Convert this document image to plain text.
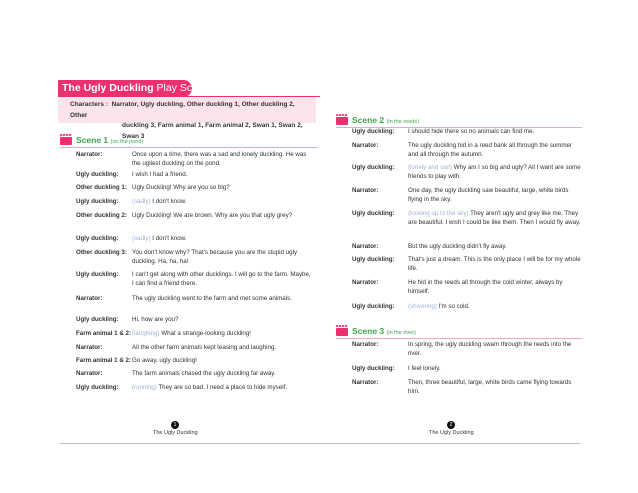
The Ugly Duckling Play Script
Characters :  Narrator, Ugly duckling, Other duckling 1, Other duckling 2, Other
duckling 3, Farm animal 1, Farm animal 2, Swan 1, Swan 2, Swan 3
Scene 1 (on the pond)
Scene 2 (in the reeds)
Scene 3 (in the river)
Narrator:	Once upon a time, there was a sad and lonely duckling. He was the ugliest duckling on the pond.
Ugly duckling: I wish I had a friend.
Other duckling 1: Ugly Duckling! Why are you so big?
Ugly duckling: (sadly) I don't know.
Other duckling 2: Ugly Duckling! We are brown. Why are you that ugly grey?
Ugly duckling: (sadly) I don't know.
Other duckling 3: You don't know why? That's because you are the stupid ugly duckling. Ha, ha, ha!
Ugly duckling: I can't get along with other ducklings. I will go to the farm. Maybe, I can find a friend there.
Narrator:	The ugly duckling went to the farm and met some animals.
Ugly duckling: Hi, how are you?
Farm animal 1 & 2: (laughing) What a strange-looking duckling!
Narrator:	All the other farm animals kept teasing and laughing.
Farm animal 1 & 2: Go away, ugly duckling!
Narrator:	The farm animals chased the ugly duckling far away.
Ugly duckling: (running) They are so bad. I need a place to hide myself.
Ugly duckling: I should hide there so no animals can find me.
Narrator:	The ugly duckling hid in a reed bank all through the summer and all through the autumn.
Ugly duckling: (lonely and sad) Why am I so big and ugly? All I want are some friends to play with.
Narrator:	One day, the ugly duckling saw beautiful, large, white birds flying in the sky.
Ugly duckling: (looking up to the sky) They aren't ugly and grey like me. They are beautiful. I wish I could be like them. Then I would fly away.
Narrator:	But the ugly duckling didn't fly away.
Ugly duckling: That's just a dream. This is the only place I will be for my whole life.
Narrator:	He hid in the reeds all through the cold winter, always by himself.
Ugly duckling: (shivering) I'm so cold.
Narrator:	In spring, the ugly duckling swam through the reeds into the river.
Ugly duckling: I feel lonely.
Narrator:	Then, three beautiful, large, white birds came flying towards him.
1
The Ugly Duckling
2
The Ugly Duckling
